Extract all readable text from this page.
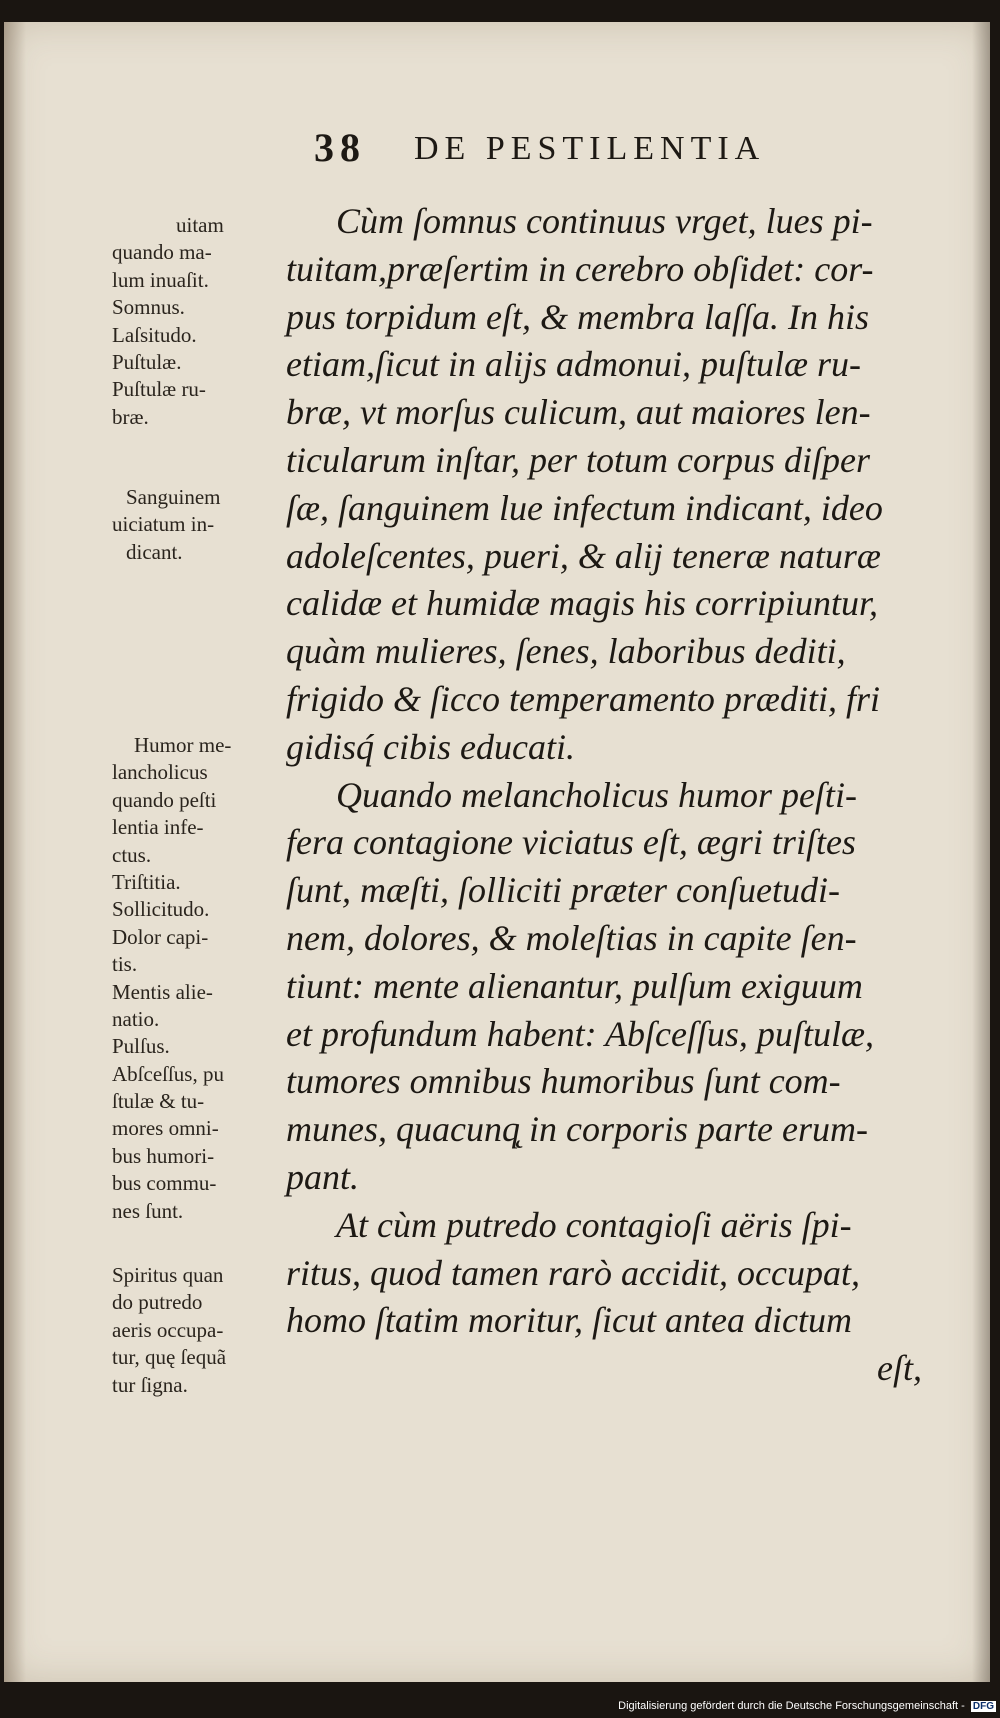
38 DE PESTILENTIA
uitam
quando ma-
lum inuaſit.
Somnus.
Laſsitudo.
Puſtulæ.
Puſtulæ ru-
bræ.
Sanguinem
uiciatum in-
dicant.
Humor me-
lancholicus
quando peſti
lentia infe-
ctus.
Triſtitia.
Sollicitudo.
Dolor capi-
tis.
Mentis alie-
natio.
Pulſus.
Abſceſſus, pu
ſtulæ & tu-
mores omni-
bus humori-
bus commu-
nes ſunt.
Spiritus quan
do putredo
aeris occupa-
tur, quę ſequã
tur ſigna.
Cùm ſomnus continuus vrget, lues pi-
tuitam,præſertim in cerebro obſidet: cor-
pus torpidum eſt, & membra laſſa. In his
etiam,ſicut in alijs admonui, puſtulæ ru-
bræ, vt morſus culicum, aut maiores len-
ticularum inſtar, per totum corpus diſper
ſæ, ſanguinem lue infectum indicant, ideo
adoleſcentes, pueri, & alij teneræ naturæ
calidæ et humidæ magis his corripiuntur,
quàm mulieres, ſenes, laboribus dediti,
frigido & ſicco temperamento præditi, fri
gidisq́ cibis educati.
Quando melancholicus humor peſti-
fera contagione viciatus eſt, ægri triſtes
ſunt, mæſti, ſolliciti præter conſuetudi-
nem, dolores, & moleſtias in capite ſen-
tiunt: mente alienantur, pulſum exiguum
et profundum habent: Abſceſſus, puſtulæ,
tumores omnibus humoribus ſunt com-
munes, quacunq̨ in corporis parte erum-
pant.
At cùm putredo contagioſi aëris ſpi-
ritus, quod tamen rarò accidit, occupat,
homo ſtatim moritur, ſicut antea dictum
eſt,
Digitalisierung gefördert durch die Deutsche Forschungsgemeinschaft - DFG
